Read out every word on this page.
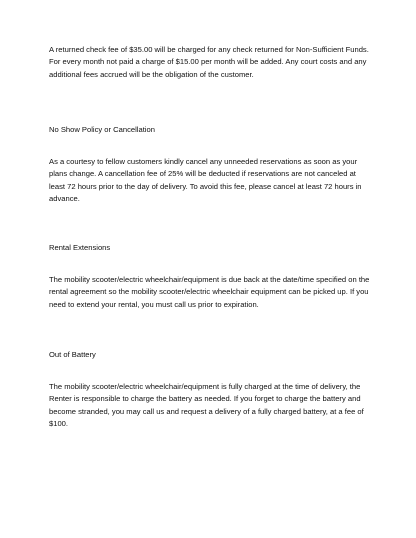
A returned check fee of $35.00 will be charged for any check returned for Non-Sufficient Funds. For every month not paid a charge of $15.00 per month will be added. Any court costs and any additional fees accrued will be the obligation of the customer.

No Show Policy or Cancellation

As a courtesy to fellow customers kindly cancel any unneeded reservations as soon as your plans change. A cancellation fee of 25% will be deducted if reservations are not canceled at least 72 hours prior to the day of delivery. To avoid this fee, please cancel at least 72 hours in advance.

Rental Extensions

The mobility scooter/electric wheelchair/equipment is due back at the date/time specified on the rental agreement so the mobility scooter/electric wheelchair equipment can be picked up. If you need to extend your rental, you must call us prior to expiration.

Out of Battery

The mobility scooter/electric wheelchair/equipment is fully charged at the time of delivery, the Renter is responsible to charge the battery as needed. If you forget to charge the battery and become stranded, you may call us and request a delivery of a fully charged battery, at a fee of $100.
